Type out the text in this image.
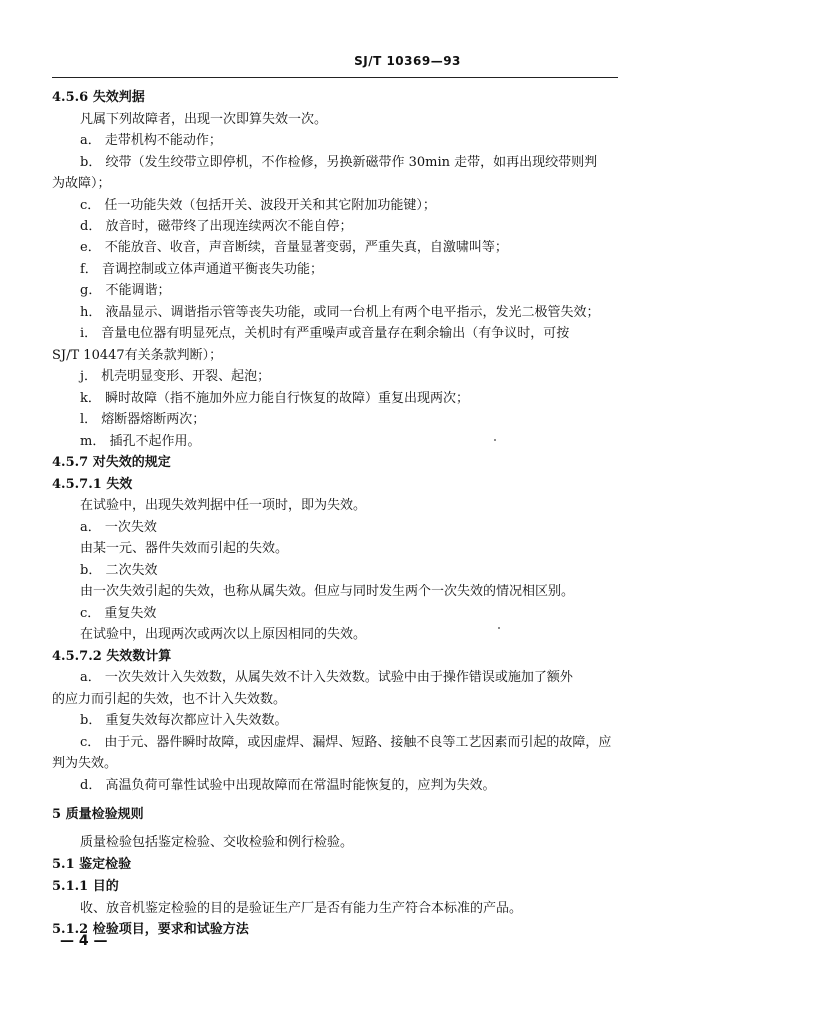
SJ/T 10369—93
4.5.6 失效判据
凡属下列故障者，出现一次即算失效一次。
a． 走带机构不能动作；
b． 绞带（发生绞带立即停机，不作检修，另换新磁带作 30min 走带，如再出现绞带则判
为故障）；
c． 任一功能失效（包括开关、波段开关和其它附加功能键）；
d． 放音时，磁带终了出现连续两次不能自停；
e． 不能放音、收音，声音断续，音量显著变弱，严重失真，自激啸叫等；
f． 音调控制或立体声通道平衡丧失功能；
g． 不能调谐；
h． 液晶显示、调谐指示管等丧失功能，或同一台机上有两个电平指示，发光二极管失效；
i． 音量电位器有明显死点，关机时有严重噪声或音量存在剩余输出（有争议时，可按
SJ/T 10447有关条款判断）；
j． 机壳明显变形、开裂、起泡；
k． 瞬时故障（指不施加外应力能自行恢复的故障）重复出现两次；
l． 熔断器熔断两次；
m． 插孔不起作用。
4.5.7 对失效的规定
4.5.7.1 失效
在试验中，出现失效判据中任一项时，即为失效。
a． 一次失效
由某一元、器件失效而引起的失效。
b． 二次失效
由一次失效引起的失效，也称从属失效。但应与同时发生两个一次失效的情况相区别。
c． 重复失效
在试验中，出现两次或两次以上原因相同的失效。
4.5.7.2 失效数计算
a． 一次失效计入失效数，从属失效不计入失效数。试验中由于操作错误或施加了额外
的应力而引起的失效，也不计入失效数。
b． 重复失效每次都应计入失效数。
c． 由于元、器件瞬时故障，或因虚焊、漏焊、短路、接触不良等工艺因素而引起的故障，应
判为失效。
d． 高温负荷可靠性试验中出现故障而在常温时能恢复的，应判为失效。
5 质量检验规则
质量检验包括鉴定检验、交收检验和例行检验。
5.1 鉴定检验
5.1.1 目的
收、放音机鉴定检验的目的是验证生产厂是否有能力生产符合本标准的产品。
5.1.2 检验项目，要求和试验方法
— 4 —
